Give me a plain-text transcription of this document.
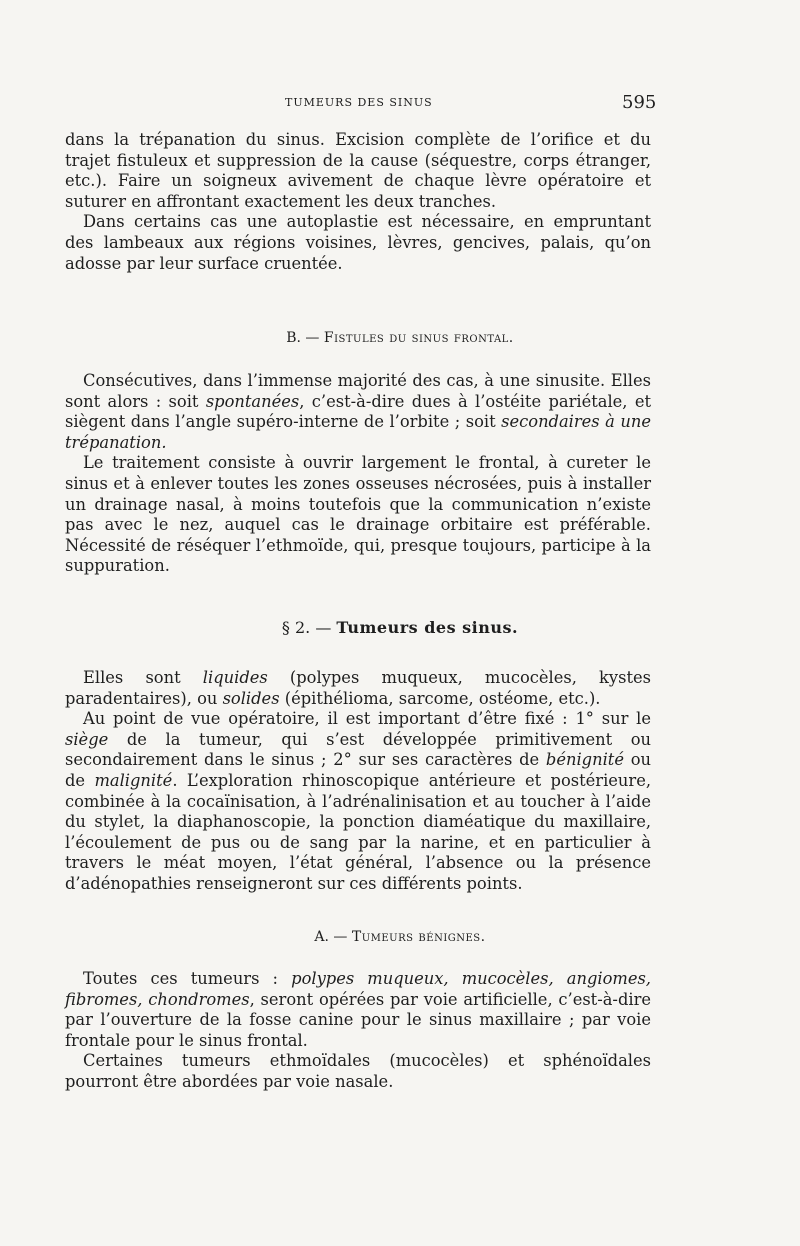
TUMEURS DES SINUS	595

dans la trépanation du sinus. Excision complète de l’orifice et du trajet fistuleux et suppression de la cause (séquestre, corps étranger, etc.). Faire un soigneux avivement de chaque lèvre opératoire et suturer en affrontant exactement les deux tranches.

Dans certains cas une autoplastie est nécessaire, en empruntant des lambeaux aux régions voisines, lèvres, gencives, palais, qu’on adosse par leur surface cruentée.

B. — Fistules du sinus frontal.

Consécutives, dans l’immense majorité des cas, à une sinusite. Elles sont alors : soit spontanées, c’est-à-dire dues à l’ostéite pariétale, et siègent dans l’angle supéro-interne de l’orbite ; soit secondaires à une trépanation.

Le traitement consiste à ouvrir largement le frontal, à cureter le sinus et à enlever toutes les zones osseuses nécrosées, puis à installer un drainage nasal, à moins toutefois que la communication n’existe pas avec le nez, auquel cas le drainage orbitaire est préférable. Nécessité de réséquer l’ethmoïde, qui, presque toujours, participe à la suppuration.

§ 2. — Tumeurs des sinus.

Elles sont liquides (polypes muqueux, mucocèles, kystes paradentaires), ou solides (épithélioma, sarcome, ostéome, etc.).

Au point de vue opératoire, il est important d’être fixé : 1° sur le siège de la tumeur, qui s’est développée primitivement ou secondairement dans le sinus ; 2° sur ses caractères de bénignité ou de malignité. L’exploration rhinoscopique antérieure et postérieure, combinée à la cocaïnisation, à l’adrénalinisation et au toucher à l’aide du stylet, la diaphanoscopie, la ponction diaméatique du maxillaire, l’écoulement de pus ou de sang par la narine, et en particulier à travers le méat moyen, l’état général, l’absence ou la présence d’adénopathies renseigneront sur ces différents points.

A. — Tumeurs bénignes.

Toutes ces tumeurs : polypes muqueux, mucocèles, angiomes, fibromes, chondromes, seront opérées par voie artificielle, c’est-à-dire par l’ouverture de la fosse canine pour le sinus maxillaire ; par voie frontale pour le sinus frontal.

Certaines tumeurs ethmoïdales (mucocèles) et sphénoïdales pourront être abordées par voie nasale.
